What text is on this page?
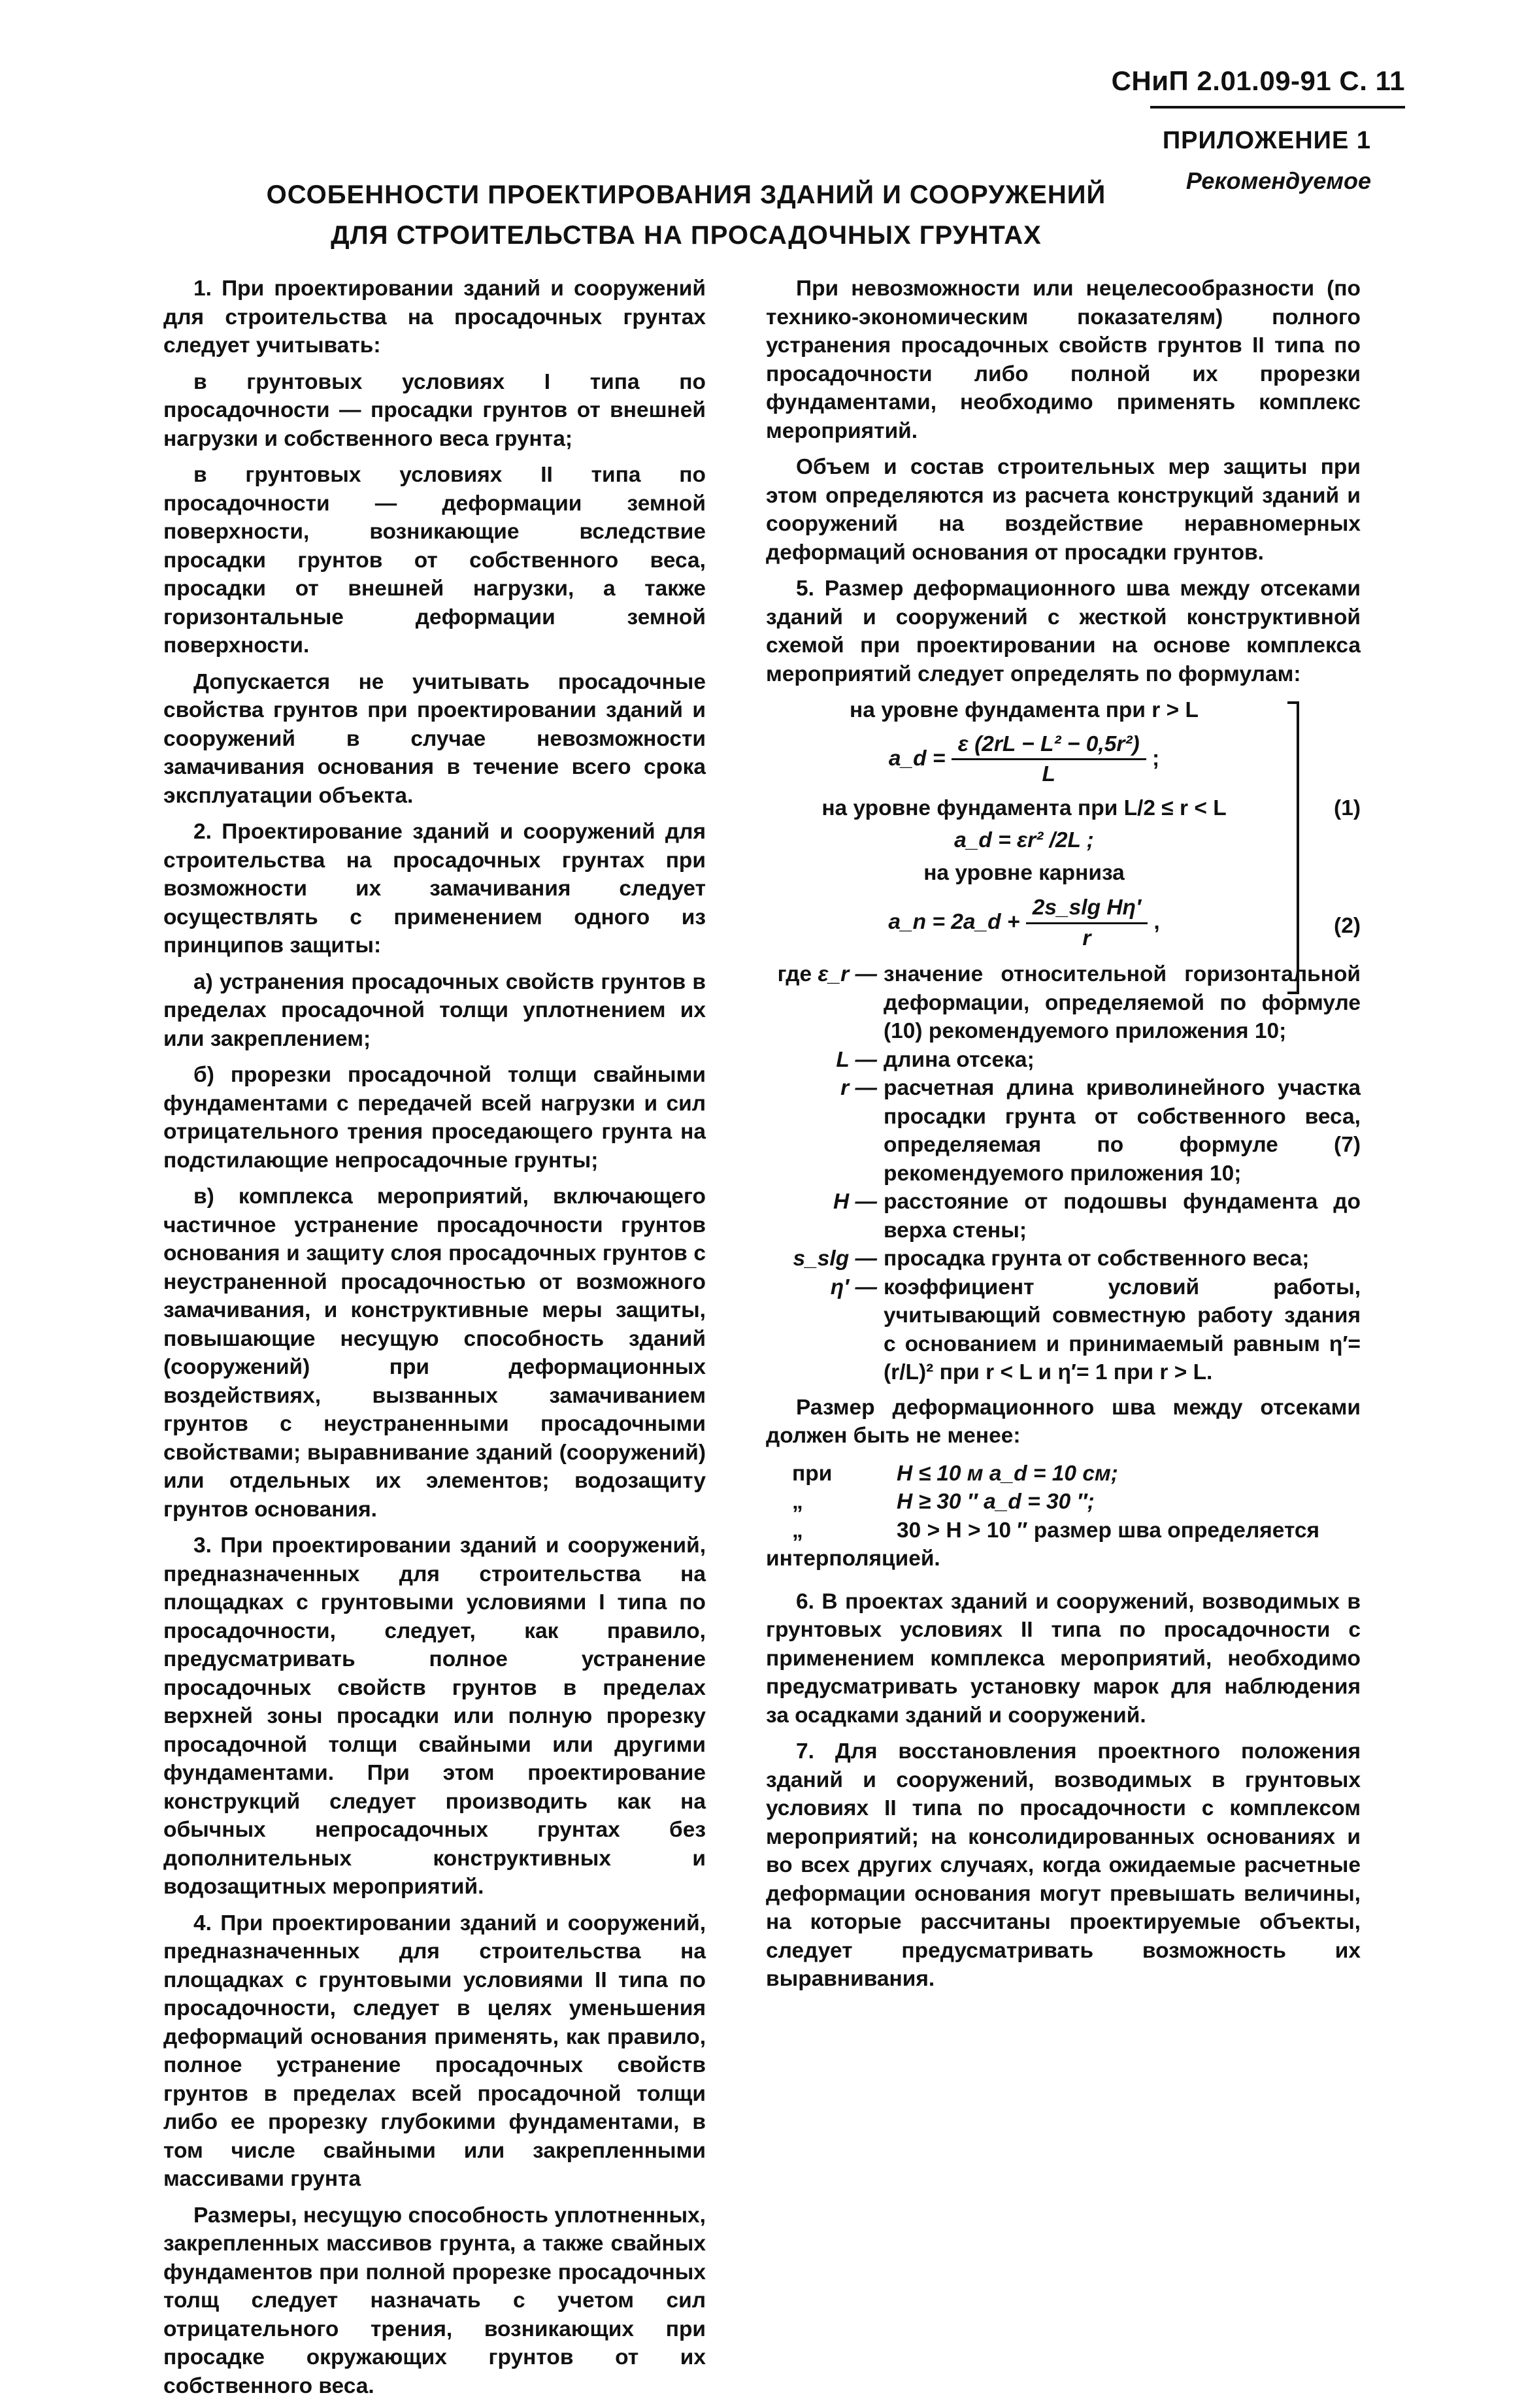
СНиП 2.01.09-91 С. 11
ПРИЛОЖЕНИЕ 1
Рекомендуемое
ОСОБЕННОСТИ ПРОЕКТИРОВАНИЯ ЗДАНИЙ И СООРУЖЕНИЙ
ДЛЯ СТРОИТЕЛЬСТВА НА ПРОСАДОЧНЫХ ГРУНТАХ

1. При проектировании зданий и сооружений для строительства на просадочных грунтах следует учитывать:

в грунтовых условиях I типа по просадочности — просадки грунтов от внешней нагрузки и собственного веса грунта;

в грунтовых условиях II типа по просадочности — деформации земной поверхности, возникающие вследствие просадки грунтов от собственного веса, просадки от внешней нагрузки, а также горизонтальные деформации земной поверхности.

Допускается не учитывать просадочные свойства грунтов при проектировании зданий и сооружений в случае невозможности замачивания основания в течение всего срока эксплуатации объекта.

2. Проектирование зданий и сооружений для строительства на просадочных грунтах при возможности их замачивания следует осуществлять с применением одного из принципов защиты:

а) устранения просадочных свойств грунтов в пределах просадочной толщи уплотнением их или закреплением;

б) прорезки просадочной толщи свайными фундаментами с передачей всей нагрузки и сил отрицательного трения проседающего грунта на подстилающие непросадочные грунты;

в) комплекса мероприятий, включающего частичное устранение просадочности грунтов основания и защиту слоя просадочных грунтов с неустраненной просадочностью от возможного замачивания, и конструктивные меры защиты, повышающие несущую способность зданий (сооружений) при деформационных воздействиях, вызванных замачиванием грунтов с неустраненными просадочными свойствами; выравнивание зданий (сооружений) или отдельных их элементов; водозащиту грунтов основания.

3. При проектировании зданий и сооружений, предназначенных для строительства на площадках с грунтовыми условиями I типа по просадочности, следует, как правило, предусматривать полное устранение просадочных свойств грунтов в пределах верхней зоны просадки или полную прорезку просадочной толщи свайными или другими фундаментами. При этом проектирование конструкций следует производить как на обычных непросадочных грунтах без дополнительных конструктивных и водозащитных мероприятий.

4. При проектировании зданий и сооружений, предназначенных для строительства на площадках с грунтовыми условиями II типа по просадочности, следует в целях уменьшения деформаций основания применять, как правило, полное устранение просадочных свойств грунтов в пределах всей просадочной толщи либо ее прорезку глубокими фундаментами, в том числе свайными или закрепленными массивами грунта

Размеры, несущую способность уплотненных, закрепленных массивов грунта, а также свайных фундаментов при полной прорезке просадочных толщ следует назначать с учетом сил отрицательного трения, возникающих при просадке окружающих грунтов от их собственного веса.

При невозможности или нецелесообразности (по технико-экономическим показателям) полного устранения просадочных свойств грунтов II типа по просадочности либо полной их прорезки фундаментами, необходимо применять комплекс мероприятий.

Объем и состав строительных мер защиты при этом определяются из расчета конструкций зданий и сооружений на воздействие неравномерных деформаций основания от просадки грунтов.

5. Размер деформационного шва между отсеками зданий и сооружений с жесткой конструктивной схемой при проектировании на основе комплекса мероприятий следует определять по формулам:

на уровне фундамента при r > L
a_d = $\frac{\text{ε (2rL − L² − 0,5r²)}}{L}$ ;
(1)
на уровне фундамента при L/2 ≤ r < L
a_d = εr² /2L ;
на уровне карниза
a_n = 2a_d + $\frac{\text{2s\_slg Hη′}}{r}$ ,	(2)
где ε_r — значение относительной горизонтальной деформации, определяемой по формуле (10) рекомендуемого приложения 10;
L — длина отсека;
r — расчетная длина криволинейного участка просадки грунта от собственного веса, определяемая по формуле (7) рекомендуемого приложения 10;
H — расстояние от подошвы фундамента до верха стены;
s_slg — просадка грунта от собственного веса;
η′ — коэффициент условий работы, учитывающий совместную работу здания с основанием и принимаемый равным η′= (r/L)² при r < L и η′= 1 при r > L.

Размер деформационного шва между отсеками должен быть не менее:

при	H ≤ 10 м a_d = 10 см;
„	H ≥ 30 ″ a_d = 30 ″;
„	30 > H > 10 ″ размер шва определяется
интерполяцией.

6. В проектах зданий и сооружений, возводимых в грунтовых условиях II типа по просадочности с применением комплекса мероприятий, необходимо предусматривать установку марок для наблюдения за осадками зданий и сооружений.

7. Для восстановления проектного положения зданий и сооружений, возводимых в грунтовых условиях II типа по просадочности с комплексом мероприятий; на консолидированных основаниях и во всех других случаях, когда ожидаемые расчетные деформации основания могут превышать величины, на которые рассчитаны проектируемые объекты, следует предусматривать возможность их выравнивания.
